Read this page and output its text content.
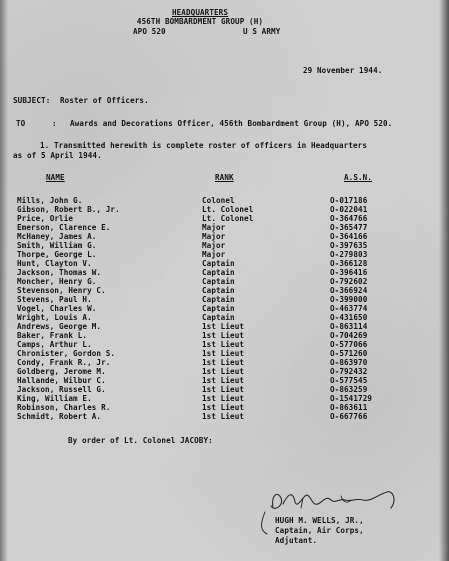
HEADQUARTERS
456TH BOMBARDMENT GROUP (H)
APO 520	U S ARMY
29 November 1944.
SUBJECT: Roster of Officers.
TO	: Awards and Decorations Officer, 456th Bombardment Group (H), APO 520.
1. Transmitted herewith is complete roster of officers in Headquarters
as of 5 April 1944.
NAME	RANK	A.S.N.
Mills, John G.	Colonel	O-017186
Gibson, Robert B., Jr.	Lt. Colonel	O-022041
Price, Orlie	Lt. Colonel	O-364766
Emerson, Clarence E.	Major	O-365477
McHaney, James A.	Major	O-364166
Smith, William G.	Major	O-397635
Thorpe, George L.	Major	O-279803
Hunt, Clayton V.	Captain	O-366128
Jackson, Thomas W.	Captain	O-396416
Moncher, Henry G.	Captain	O-792602
Stevenson, Henry C.	Captain	O-366924
Stevens, Paul H.	Captain	O-399000
Vogel, Charles W.	Captain	O-463774
Wright, Louis A.	Captain	O-431650
Andrews, George M.	1st Lieut	O-863114
Baker, Frank L.	1st Lieut	O-704269
Camps, Arthur L.	1st Lieut	O-577066
Chronister, Gordon S.	1st Lieut	O-571260
Condy, Frank R., Jr.	1st Lieut	O-863970
Goldberg, Jerome M.	1st Lieut	O-792432
Hallande, Wilbur C.	1st Lieut	O-577545
Jackson, Russell G.	1st Lieut	O-863259
King, William E.	1st Lieut	O-1541729
Robinson, Charles R.	1st Lieut	O-863611
Schmidt, Robert A.	1st Lieut	O-667766
By order of Lt. Colonel JACOBY:
HUGH M. WELLS, JR.,
Captain, Air Corps,
Adjutant.
